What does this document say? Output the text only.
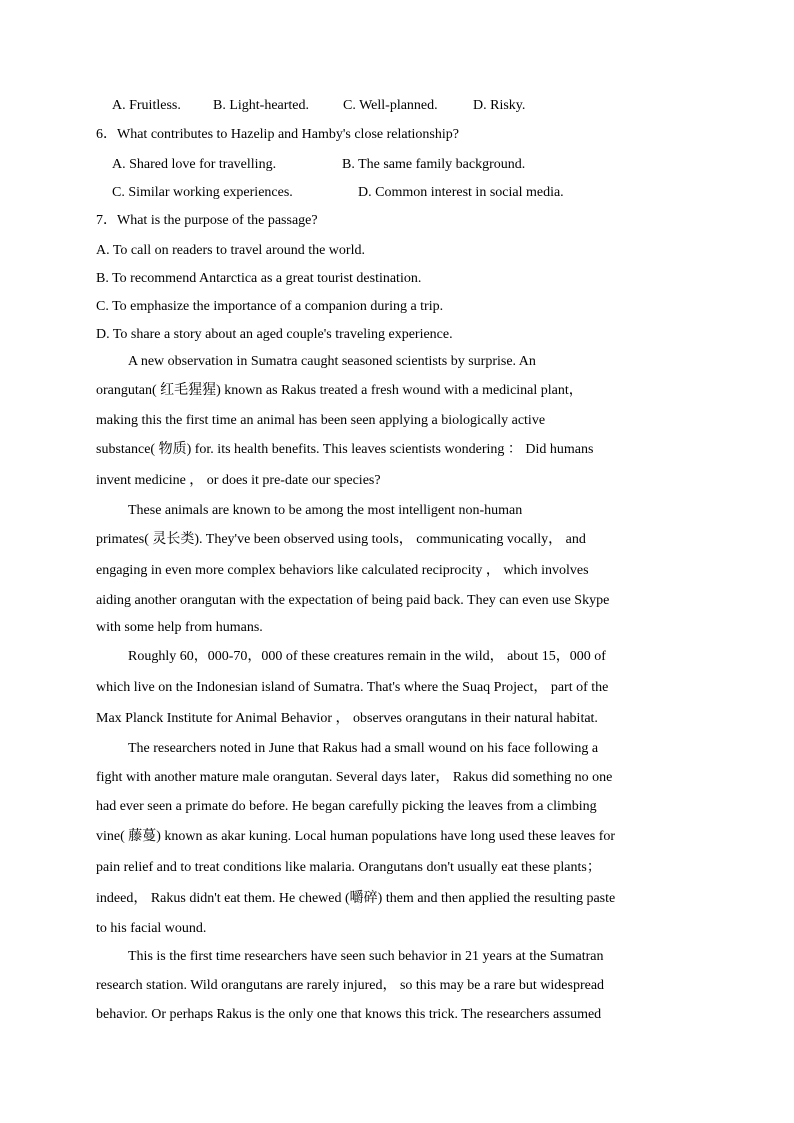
A. Fruitless. B. Light-hearted. C. Well-planned.	D. Risky.
6．What contributes to Hazelip and Hamby's close relationship?
A. Shared love for travelling.	B. The same family background.
C. Similar working experiences.	D. Common interest in social media.
7．What is the purpose of the passage?
A. To call on readers to travel around the world.
B. To recommend Antarctica as a great tourist destination.
C. To emphasize the importance of a companion during a trip.
D. To share a story about an aged couple's traveling experience.
A new observation in Sumatra caught seasoned scientists by surprise. An
orangutan( 红毛猩猩) known as Rakus treated a fresh wound with a medicinal plant，
making this the first time an animal has been seen applying a biologically active
substance( 物质) for. its health benefits. This leaves scientists wondering ： Did humans
invent medicine ， or does it pre-date our species?
These animals are known to be among the most intelligent non-human
primates( 灵长类). They've been observed using tools， communicating vocally， and
engaging in even more complex behaviors like calculated reciprocity ， which involves
aiding another orangutan with the expectation of being paid back. They can even use Skype
with some help from humans.
Roughly 60，000-70，000 of these creatures remain in the wild， about 15，000 of
which live on the Indonesian island of Sumatra. That's where the Suaq Project， part of the
Max Planck Institute for Animal Behavior ， observes orangutans in their natural habitat.
The researchers noted in June that Rakus had a small wound on his face following a
fight with another mature male orangutan. Several days later， Rakus did something no one
had ever seen a primate do before. He began carefully picking the leaves from a climbing
vine( 藤蔓) known as akar kuning. Local human populations have long used these leaves for
pain relief and to treat conditions like malaria. Orangutans don't usually eat these plants；
indeed， Rakus didn't eat them. He chewed (嚼碎) them and then applied the resulting paste
to his facial wound.
This is the first time researchers have seen such behavior in 21 years at the Sumatran
research station. Wild orangutans are rarely injured， so this may be a rare but widespread
behavior. Or perhaps Rakus is the only one that knows this trick. The researchers assumed
